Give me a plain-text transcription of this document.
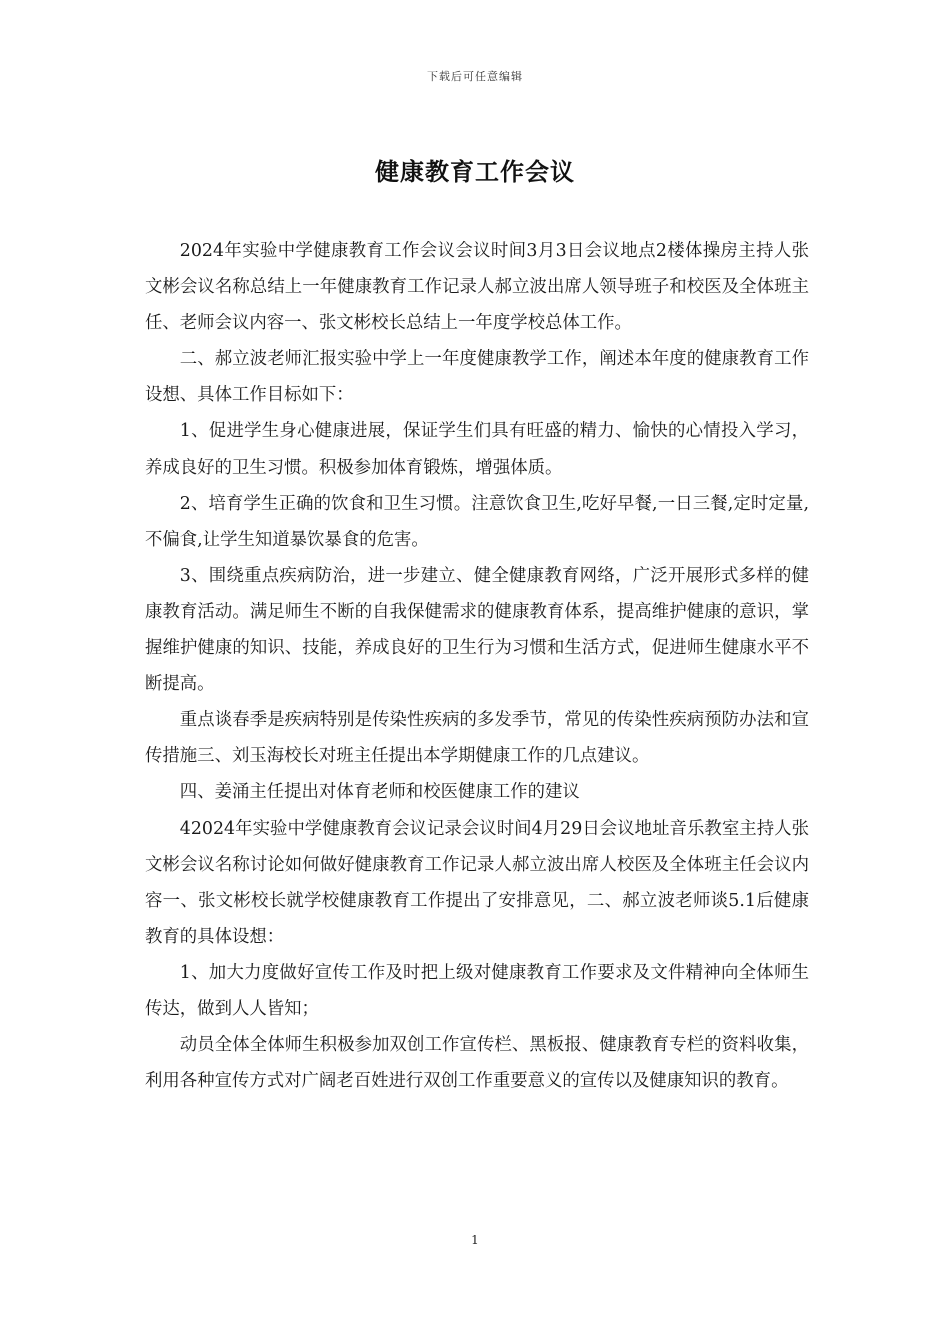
下载后可任意编辑
健康教育工作会议

2024年实验中学健康教育工作会议会议时间3月3日会议地点2楼体操房主持人张文彬会议名称总结上一年健康教育工作记录人郝立波出席人领导班子和校医及全体班主任、老师会议内容一、张文彬校长总结上一年度学校总体工作。

二、郝立波老师汇报实验中学上一年度健康教学工作，阐述本年度的健康教育工作设想、具体工作目标如下：

1、促进学生身心健康进展，保证学生们具有旺盛的精力、愉快的心情投入学习，养成良好的卫生习惯。积极参加体育锻炼，增强体质。

2、培育学生正确的饮食和卫生习惯。注意饮食卫生,吃好早餐,一日三餐,定时定量,不偏食,让学生知道暴饮暴食的危害。

3、围绕重点疾病防治，进一步建立、健全健康教育网络，广泛开展形式多样的健康教育活动。满足师生不断的自我保健需求的健康教育体系，提高维护健康的意识，掌握维护健康的知识、技能，养成良好的卫生行为习惯和生活方式，促进师生健康水平不断提高。

重点谈春季是疾病特别是传染性疾病的多发季节，常见的传染性疾病预防办法和宣传措施三、刘玉海校长对班主任提出本学期健康工作的几点建议。

四、姜涌主任提出对体育老师和校医健康工作的建议

42024年实验中学健康教育会议记录会议时间4月29日会议地址音乐教室主持人张文彬会议名称讨论如何做好健康教育工作记录人郝立波出席人校医及全体班主任会议内容一、张文彬校长就学校健康教育工作提出了安排意见，二、郝立波老师谈5.1后健康教育的具体设想：

1、加大力度做好宣传工作及时把上级对健康教育工作要求及文件精神向全体师生传达，做到人人皆知；

动员全体全体师生积极参加双创工作宣传栏、黑板报、健康教育专栏的资料收集，利用各种宣传方式对广阔老百姓进行双创工作重要意义的宣传以及健康知识的教育。

1
